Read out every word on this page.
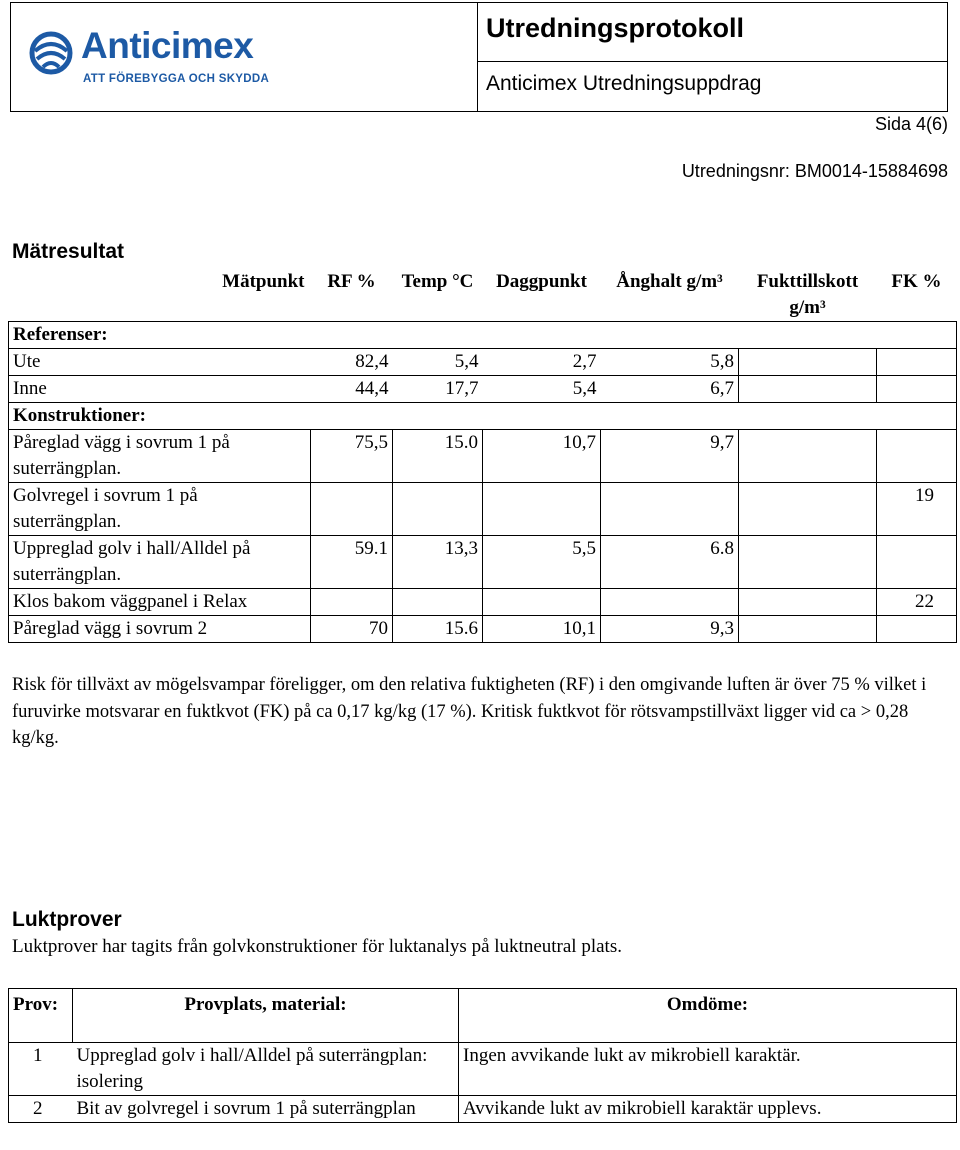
Anticimex
ATT FÖREBYGGA OCH SKYDDA
Utredningsprotokoll
Anticimex Utredningsuppdrag
Sida 4(6)
Utredningsnr: BM0014-15884698
Mätresultat
Mätpunkt	RF %	Temp °C	Daggpunkt	Ånghalt g/m³	Fukttillskott g/m³	FK %
Referenser:						
Ute	82,4	5,4	2,7	5,8		
Inne	44,4	17,7	5,4	6,7		
Konstruktioner:						
Påreglad vägg i sovrum 1 på suterrängplan.	75,5	15.0	10,7	9,7		
Golvregel i sovrum 1 på suterrängplan.						19
Uppreglad golv i hall/Alldel på suterrängplan.	59.1	13,3	5,5	6.8		
Klos bakom väggpanel i Relax						22
Påreglad vägg i sovrum 2	70	15.6	10,1	9,3		
Risk för tillväxt av mögelsvampar föreligger, om den relativa fuktigheten (RF) i den omgivande luften är över 75 % vilket i furuvirke motsvarar en fuktkvot (FK) på ca 0,17 kg/kg (17 %). Kritisk fuktkvot för rötsvampstillväxt ligger vid ca > 0,28 kg/kg.
Luktprover
Luktprover har tagits från golvkonstruktioner för luktanalys på luktneutral plats.
Prov:	Provplats, material:	Omdöme:
1	Uppreglad golv i hall/Alldel på suterrängplan: isolering	Ingen avvikande lukt av mikrobiell karaktär.
2	Bit av golvregel i sovrum 1 på suterrängplan	Avvikande lukt av mikrobiell karaktär upplevs.
